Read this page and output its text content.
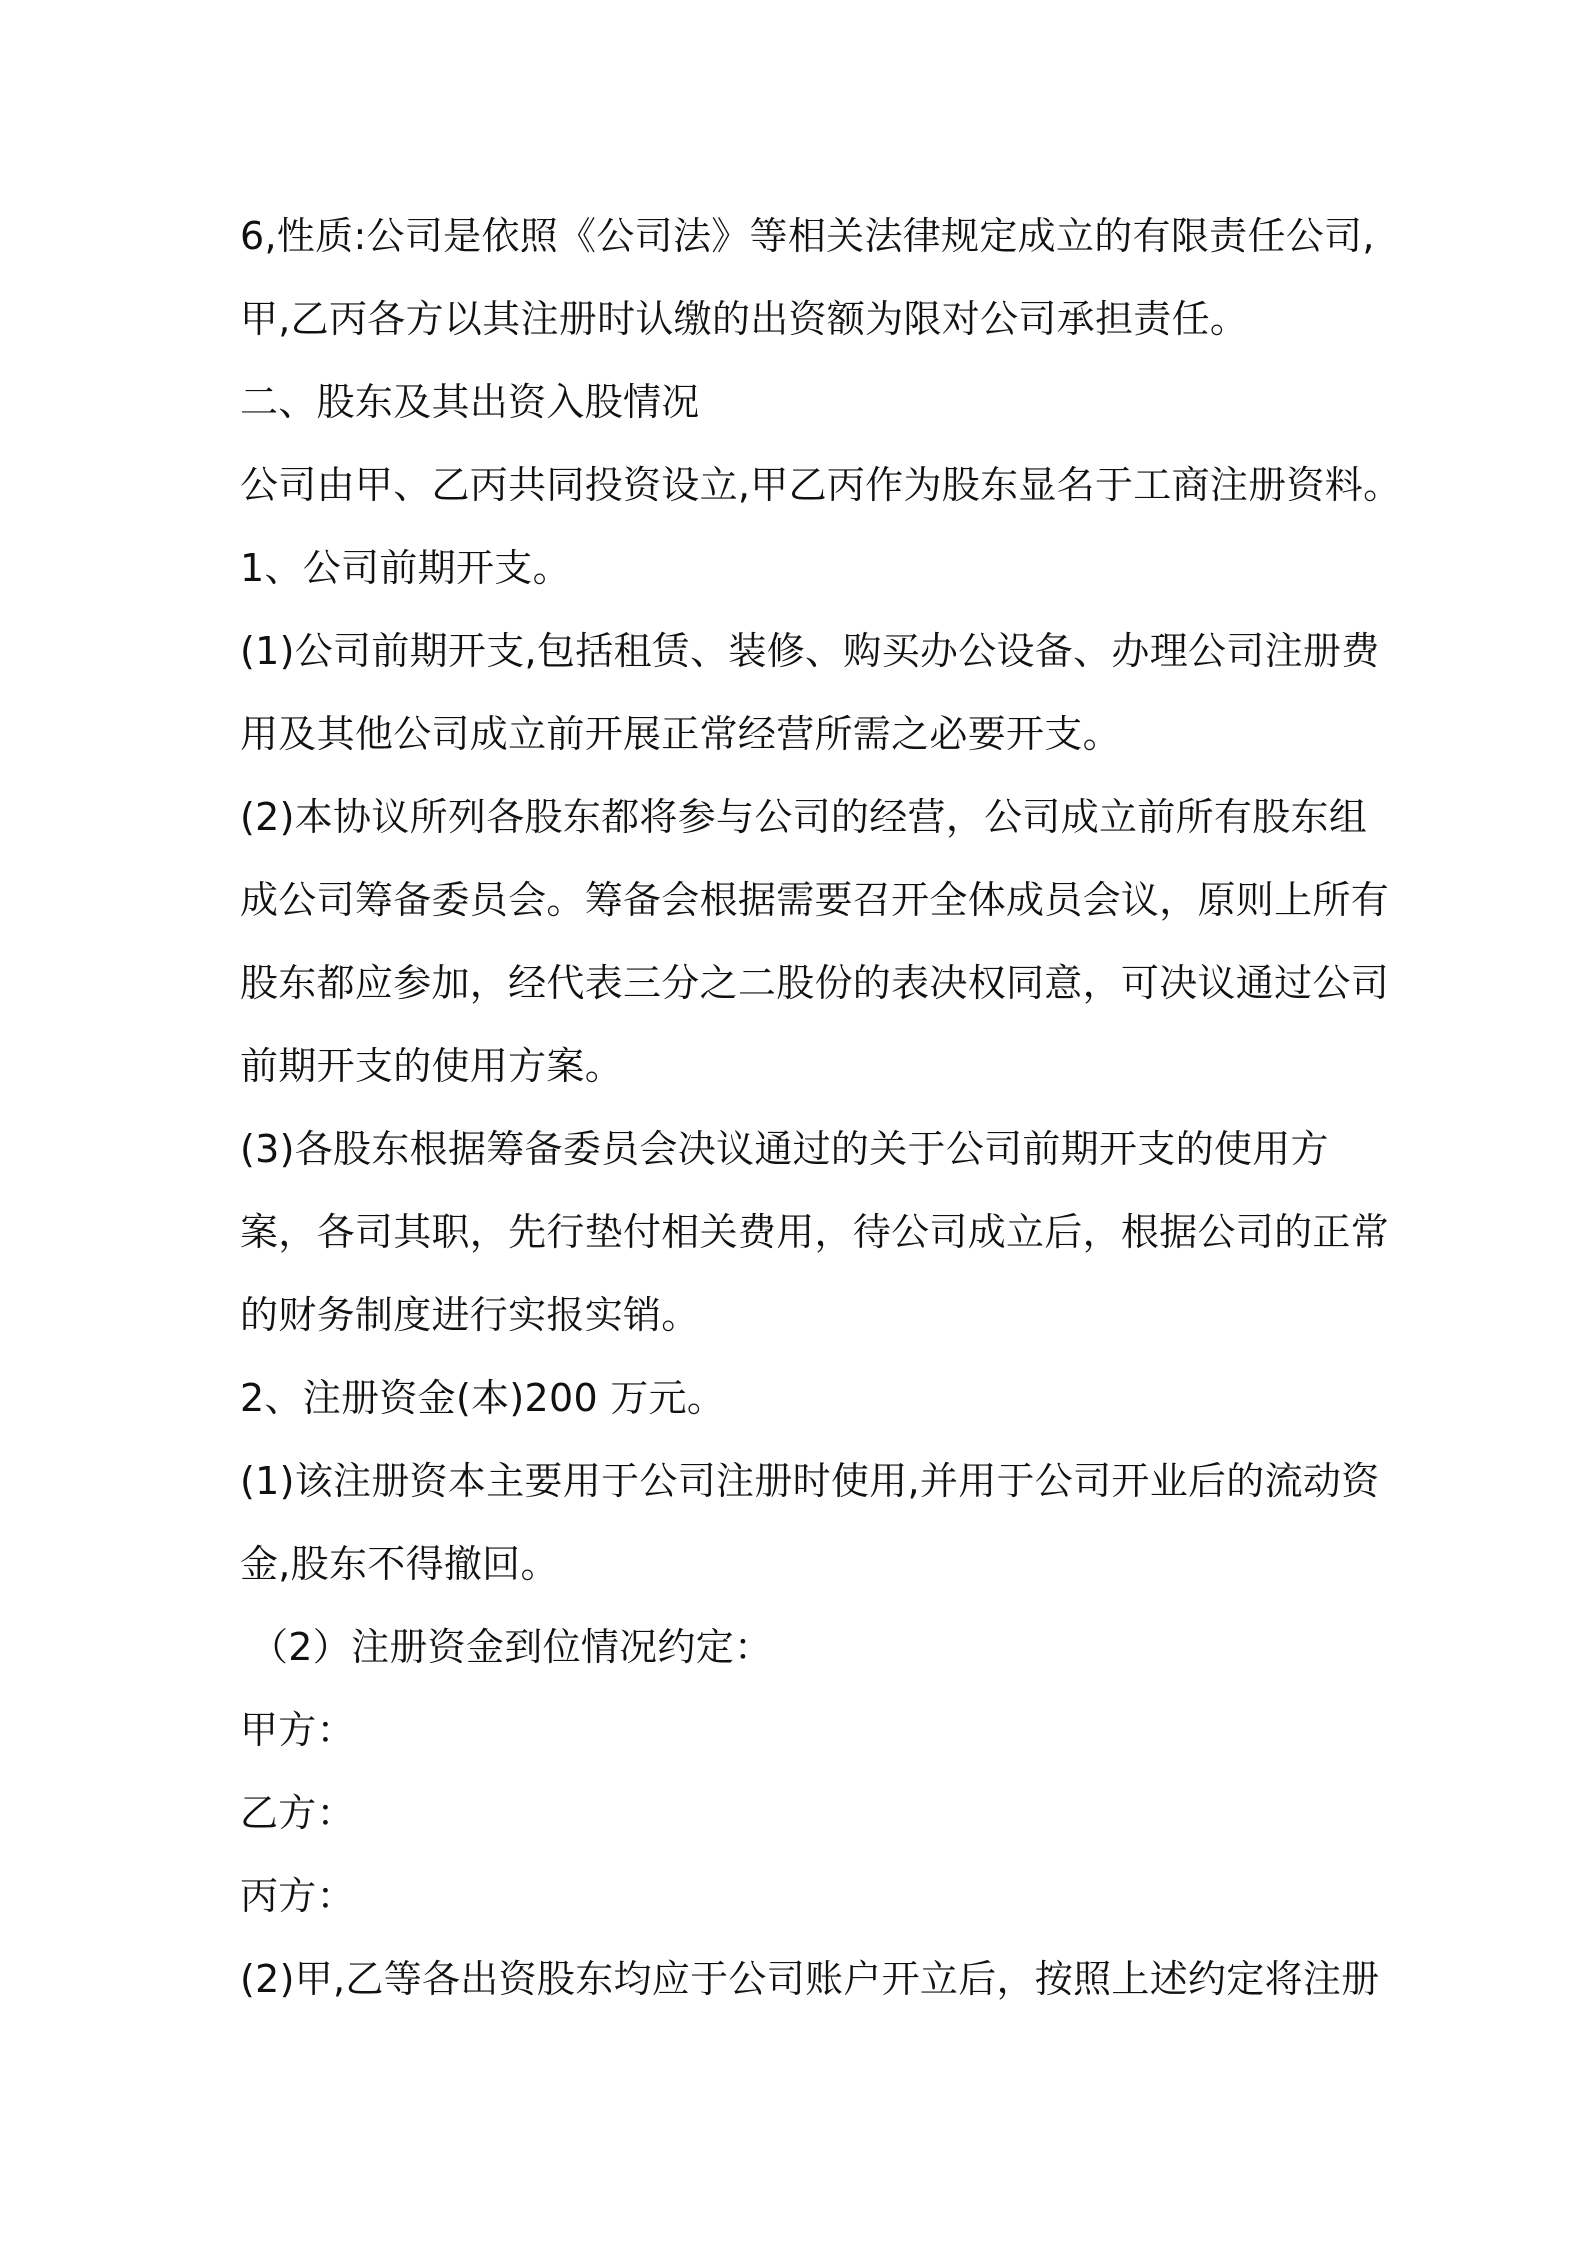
6,性质:公司是依照《公司法》等相关法律规定成立的有限责任公司,
甲,乙丙各方以其注册时认缴的出资额为限对公司承担责任。
二、股东及其出资入股情况
公司由甲、乙丙共同投资设立,甲乙丙作为股东显名于工商注册资料。
1、公司前期开支。
(1)公司前期开支,包括租赁、装修、购买办公设备、办理公司注册费
用及其他公司成立前开展正常经营所需之必要开支。
(2)本协议所列各股东都将参与公司的经营，公司成立前所有股东组
成公司筹备委员会。筹备会根据需要召开全体成员会议，原则上所有
股东都应参加，经代表三分之二股份的表决权同意，可决议通过公司
前期开支的使用方案。
(3)各股东根据筹备委员会决议通过的关于公司前期开支的使用方
案，各司其职，先行垫付相关费用，待公司成立后，根据公司的正常
的财务制度进行实报实销。
2、注册资金(本)200 万元。
(1)该注册资本主要用于公司注册时使用,并用于公司开业后的流动资
金,股东不得撤回。
（2）注册资金到位情况约定：
甲方：
乙方：
丙方：
(2)甲,乙等各出资股东均应于公司账户开立后，按照上述约定将注册
